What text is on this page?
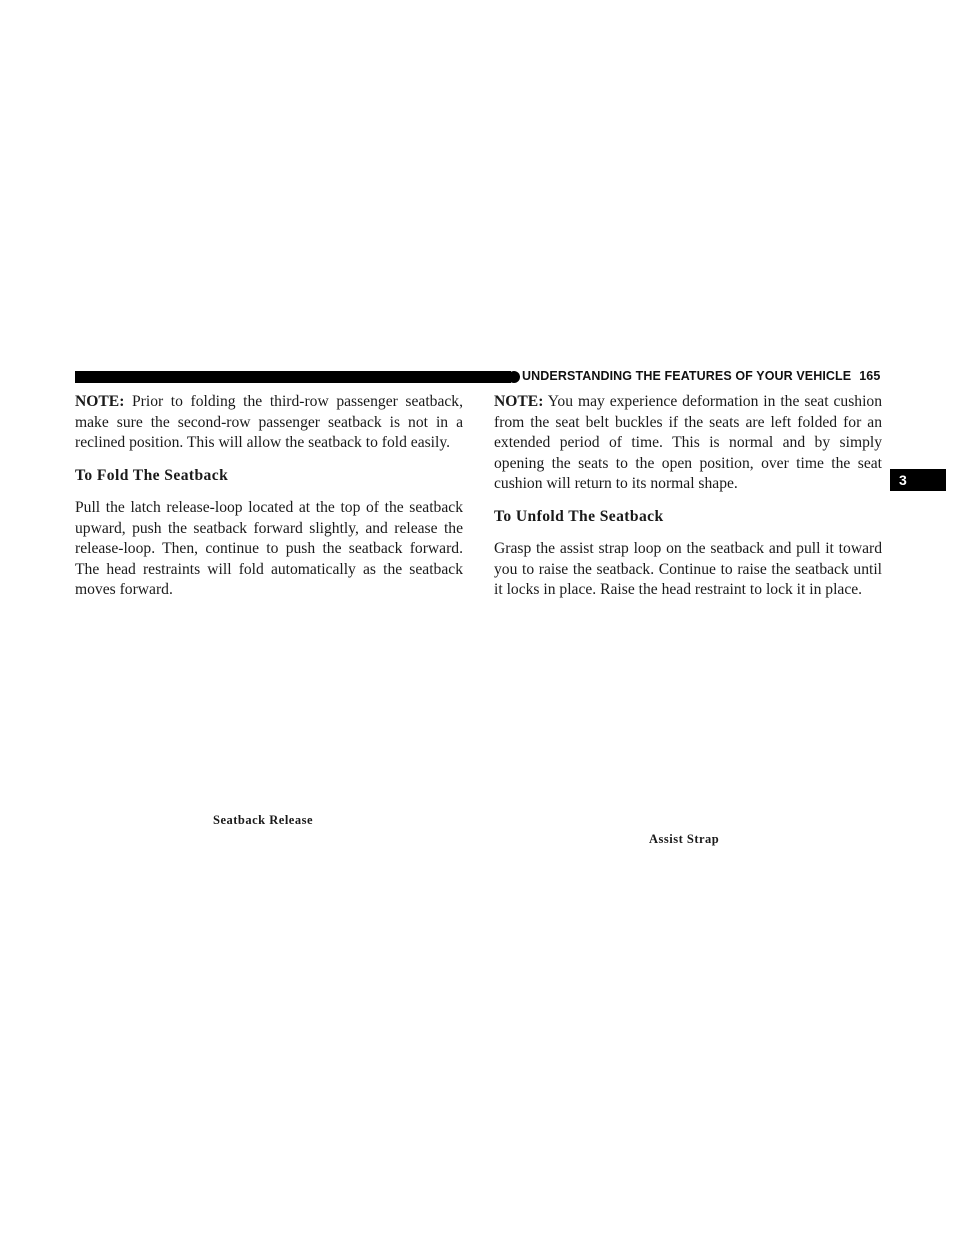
UNDERSTANDING THE FEATURES OF YOUR VEHICLE 165

NOTE: Prior to folding the third-row passenger seatback, make sure the second-row passenger seatback is not in a reclined position. This will allow the seatback to fold easily.

To Fold The Seatback

Pull the latch release-loop located at the top of the seatback upward, push the seatback forward slightly, and release the release-loop. Then, continue to push the seatback forward. The head restraints will fold automatically as the seatback moves forward.

NOTE: You may experience deformation in the seat cushion from the seat belt buckles if the seats are left folded for an extended period of time. This is normal and by simply opening the seats to the open position, over time the seat cushion will return to its normal shape.

To Unfold The Seatback

Grasp the assist strap loop on the seatback and pull it toward you to raise the seatback. Continue to raise the seatback until it locks in place. Raise the head restraint to lock it in place.

3
Seatback Release
Assist Strap
